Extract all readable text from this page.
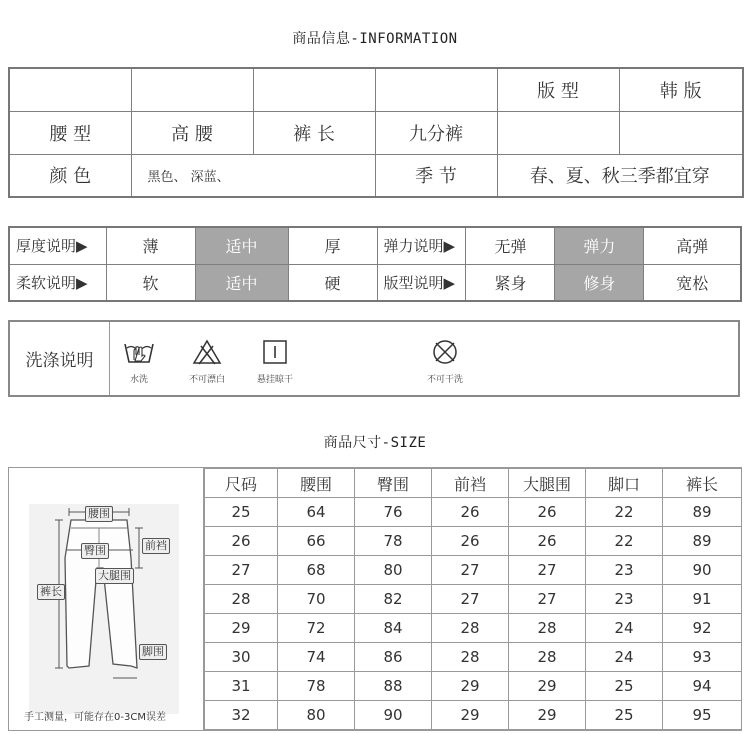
商品信息-INFORMATION
				版 型	韩 版
腰 型	高 腰	裤 长	九分裤		
颜 色	黑色、 深蓝、		季 节	春、夏、秋三季都宜穿	
厚度说明▶	薄	适中	厚	弹力说明▶	无弹	弹力	高弹
柔软说明▶	软	适中	硬	版型说明▶	紧身	修身	宽松
洗涤说明
水洗	不可漂白	悬挂晾干	不可干洗
商品尺寸-SIZE
腰围
臀围	前裆
大腿围
裤长
脚围
手工测量，可能存在0-3CM误差
尺码	腰围	臀围	前裆	大腿围	脚口	裤长
25	64	76	26	26	22	89
26	66	78	26	26	22	89
27	68	80	27	27	23	90
28	70	82	27	27	23	91
29	72	84	28	28	24	92
30	74	86	28	28	24	93
31	78	88	29	29	25	94
32	80	90	29	29	25	95
